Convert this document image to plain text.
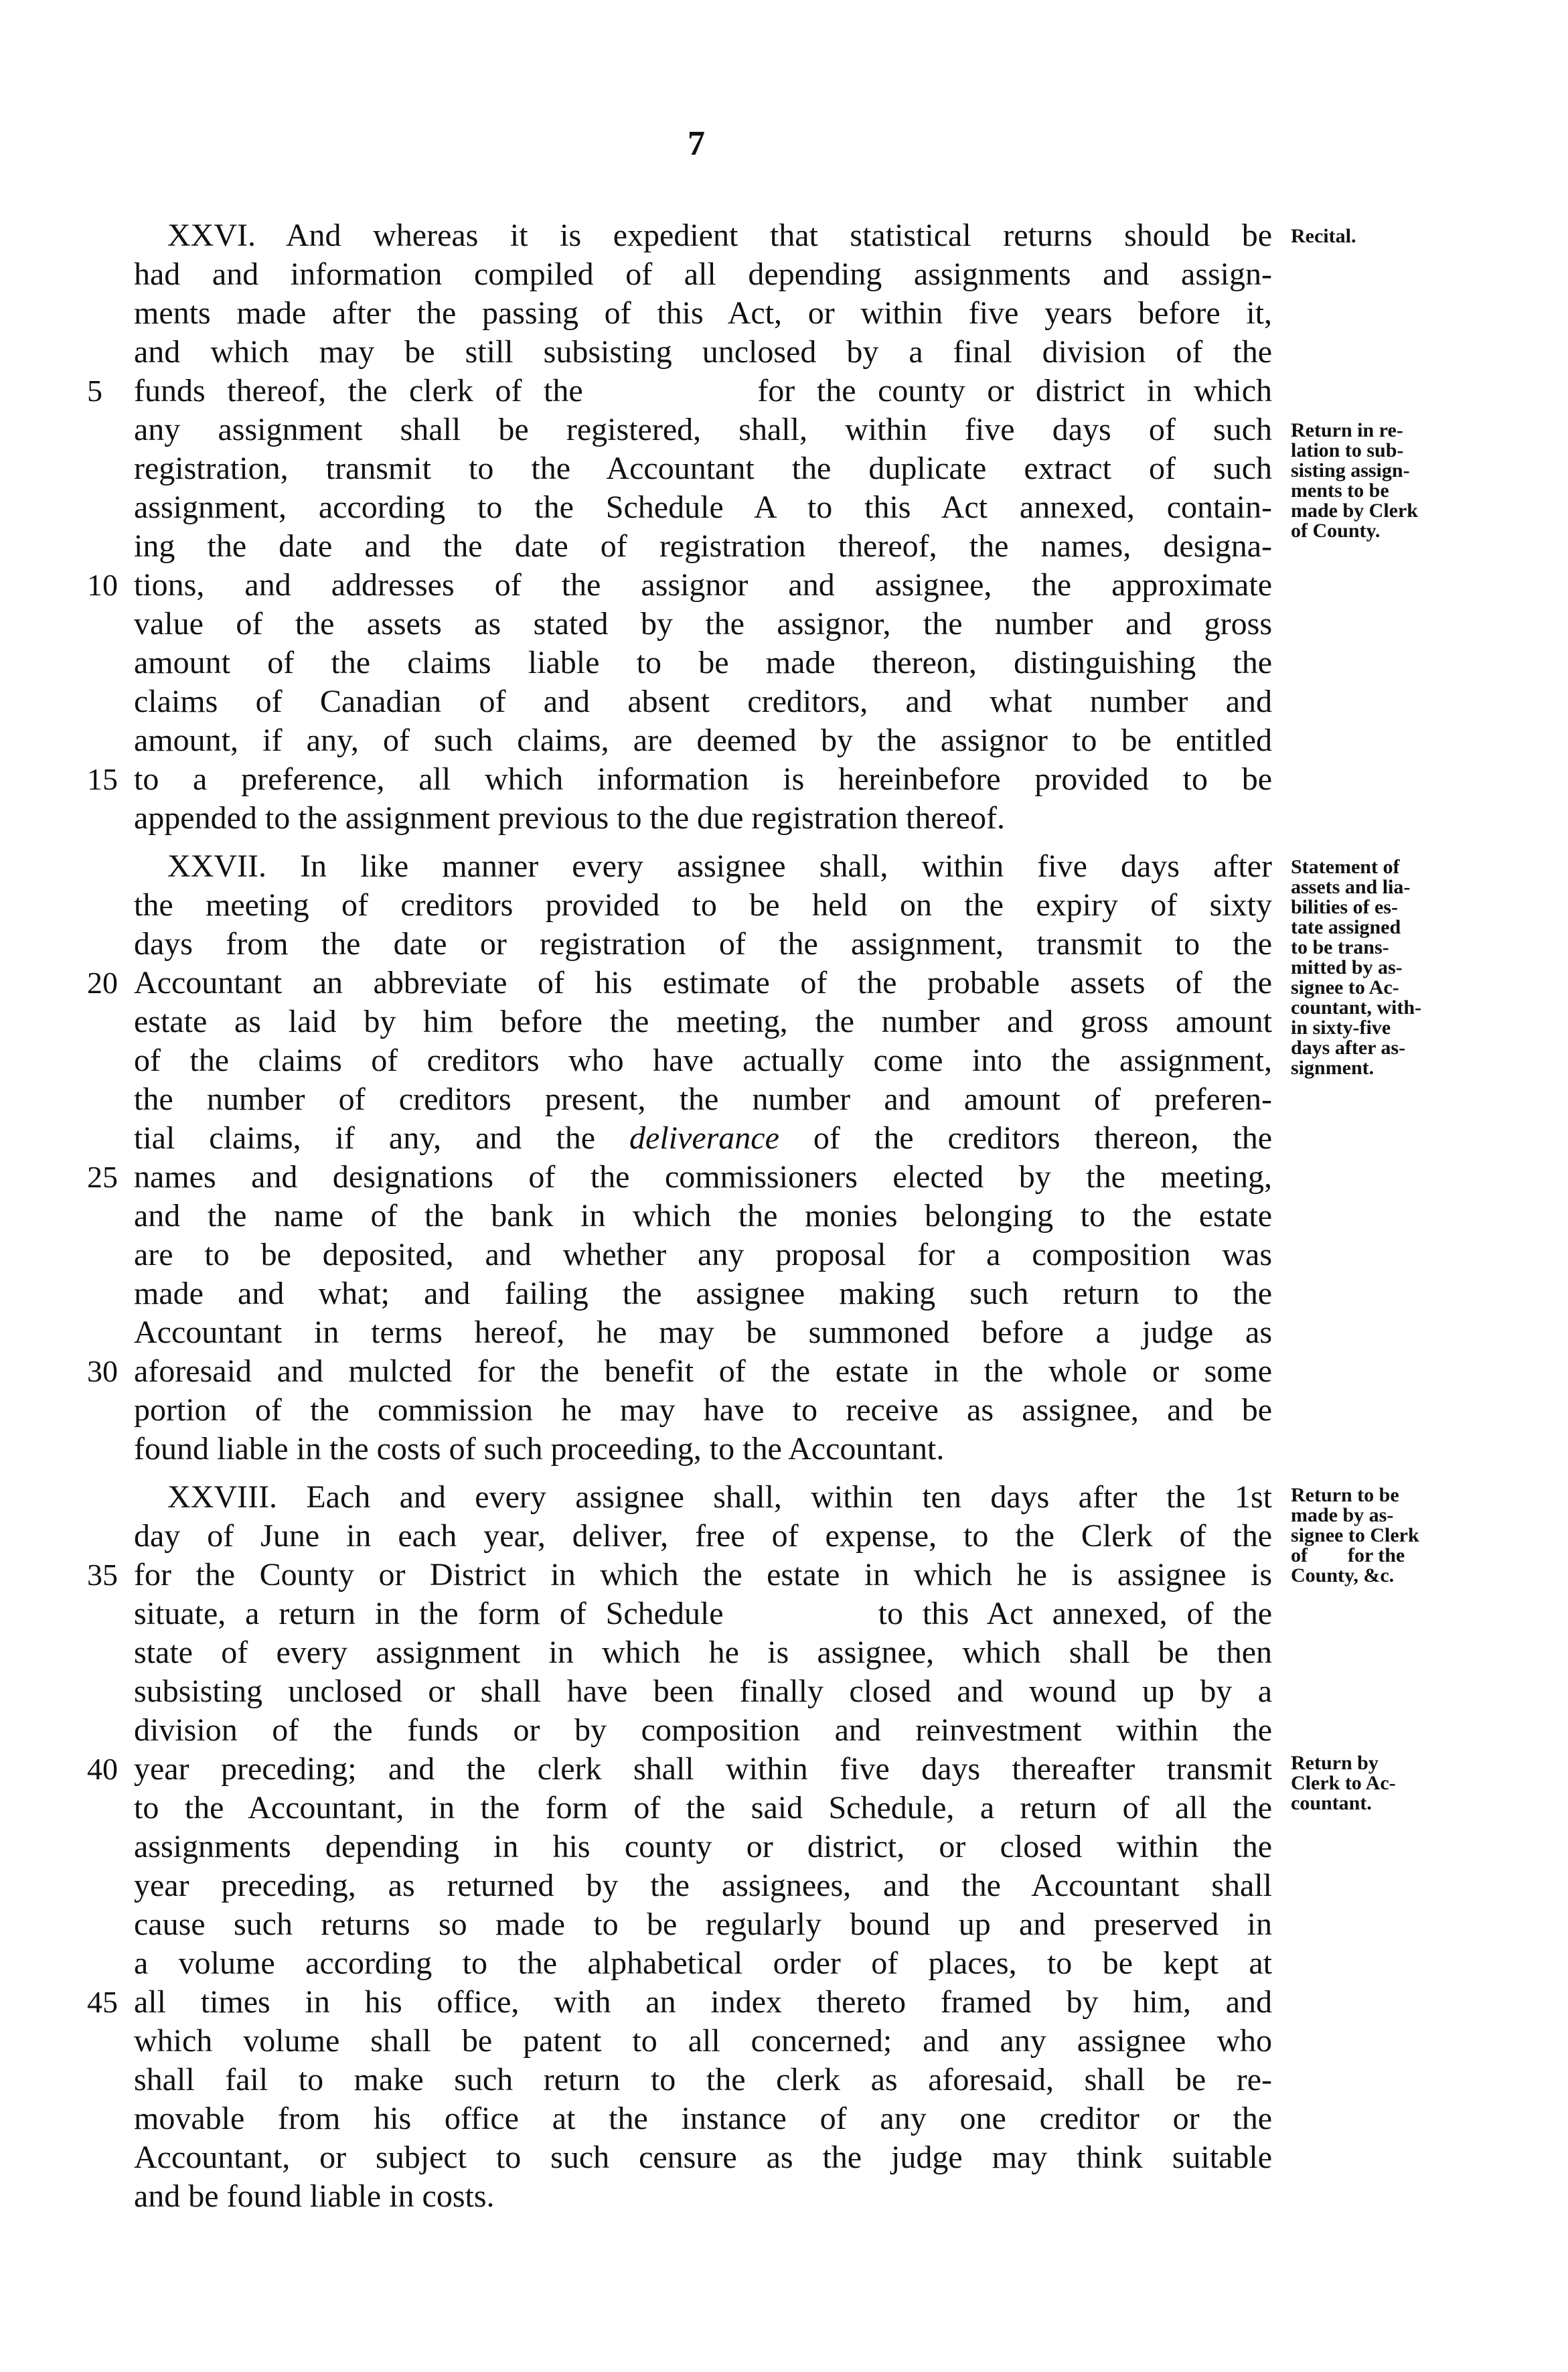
7
XXVI. And whereas it is expedient that statistical returns should be
had and information compiled of all depending assignments and assign-
ments made after the passing of this Act, or within five years before it,
and which may be still subsisting unclosed by a final division of the
funds thereof, the clerk of the        for the county or district in which
any assignment shall be registered, shall, within five days of such
registration, transmit to the Accountant the duplicate extract of such
assignment, according to the Schedule A to this Act annexed, contain-
ing the date and the date of registration thereof, the names, designa-
tions, and addresses of the assignor and assignee, the approximate
value of the assets as stated by the assignor, the number and gross
amount of the claims liable to be made thereon, distinguishing the
claims of Canadian of and absent creditors, and what number and
amount, if any, of such claims, are deemed by the assignor to be entitled
to a preference, all which information is hereinbefore provided to be
appended to the assignment previous to the due registration thereof.
5
10
15
Recital.
Return in re-
lation to sub-
sisting assign-
ments to be
made by Clerk
of County.
XXVII. In like manner every assignee shall, within five days after
the meeting of creditors provided to be held on the expiry of sixty
days from the date or registration of the assignment, transmit to the
Accountant an abbreviate of his estimate of the probable assets of the
estate as laid by him before the meeting, the number and gross amount
of the claims of creditors who have actually come into the assignment,
the number of creditors present, the number and amount of preferen-
tial claims, if any, and the deliverance of the creditors thereon, the
names and designations of the commissioners elected by the meeting,
and the name of the bank in which the monies belonging to the estate
are to be deposited, and whether any proposal for a composition was
made and what; and failing the assignee making such return to the
Accountant in terms hereof, he may be summoned before a judge as
aforesaid and mulcted for the benefit of the estate in the whole or some
portion of the commission he may have to receive as assignee, and be
found liable in the costs of such proceeding, to the Accountant.
20
25
30
Statement of
assets and lia-
bilities of es-
tate assigned
to be trans-
mitted by as-
signee to Ac-
countant, with-
in sixty-five
days after as-
signment.
XXVIII. Each and every assignee shall, within ten days after the 1st
day of June in each year, deliver, free of expense, to the Clerk of the
for the County or District in which the estate in which he is assignee is
situate, a return in the form of Schedule        to this Act annexed, of the
state of every assignment in which he is assignee, which shall be then
subsisting unclosed or shall have been finally closed and wound up by a
division of the funds or by composition and reinvestment within the
year preceding; and the clerk shall within five days thereafter transmit
to the Accountant, in the form of the said Schedule, a return of all the
assignments depending in his county or district, or closed within the
year preceding, as returned by the assignees, and the Accountant shall
cause such returns so made to be regularly bound up and preserved in
a volume according to the alphabetical order of places, to be kept at
all times in his office, with an index thereto framed by him, and
which volume shall be patent to all concerned; and any assignee who
shall fail to make such return to the clerk as aforesaid, shall be re-
movable from his office at the instance of any one creditor or the
Accountant, or subject to such censure as the judge may think suitable
and be found liable in costs.
35
40
45
Return to be
made by as-
signee to Clerk
of        for the
County, &c.
Return by
Clerk to Ac-
countant.
